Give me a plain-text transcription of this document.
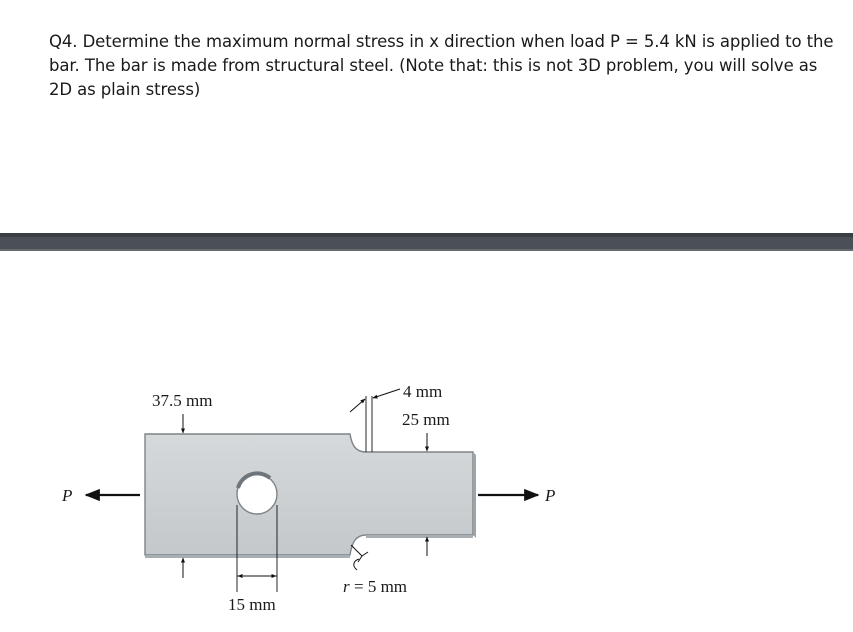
Q4. Determine the maximum normal stress in x direction when load P = 5.4 kN is applied to the bar. The bar is made from structural steel. (Note that: this is not 3D problem, you will solve as 2D as plain stress)

P	P
37.5 mm	4 mm
25 mm
r = 5 mm
15 mm
